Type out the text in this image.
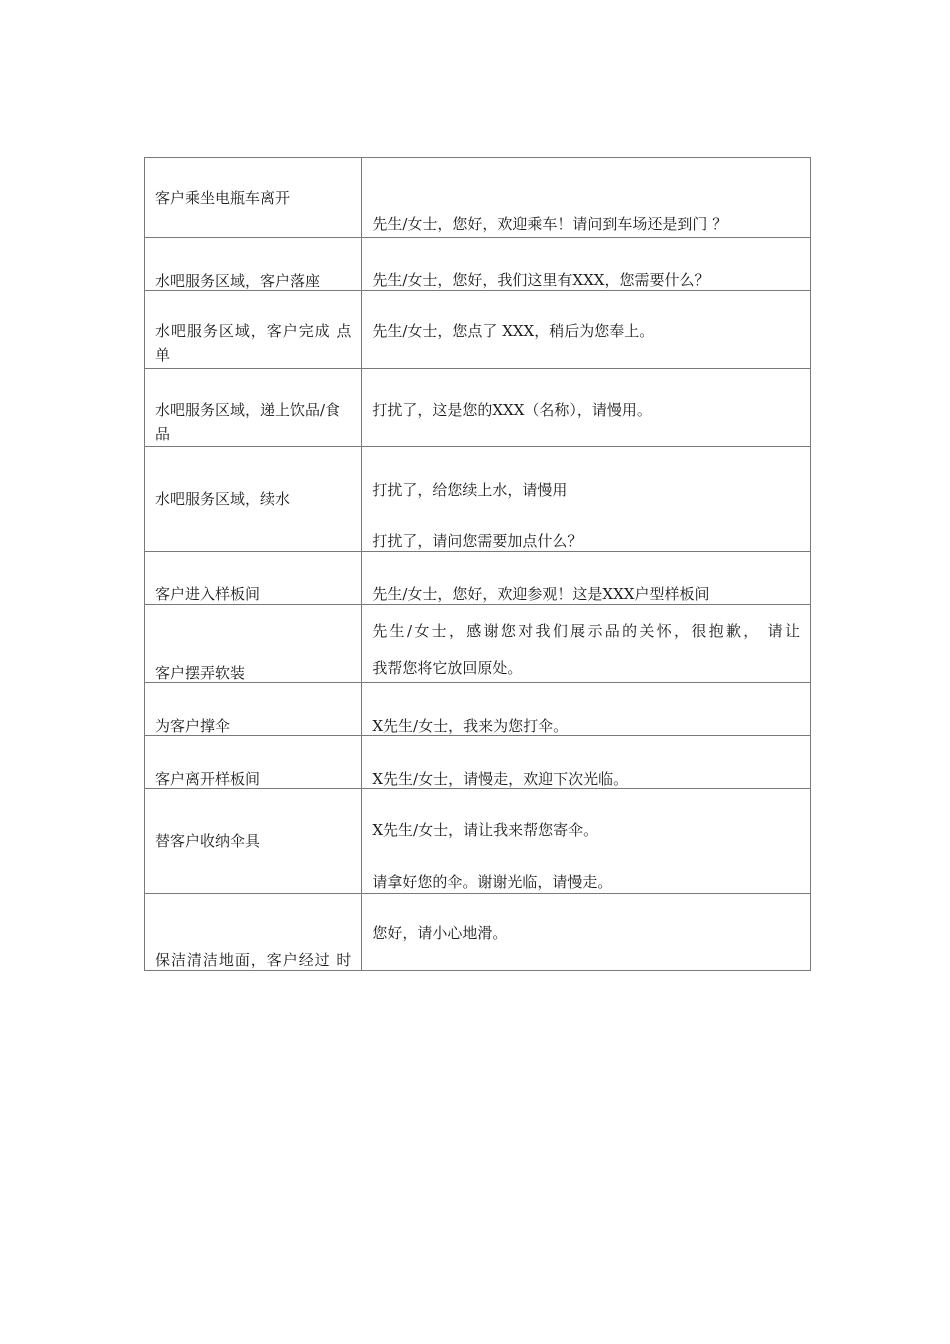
客户乘坐电瓶车离开	先生/女士，您好，欢迎乘车！请问到车场还是到门 ？

水吧服务区域，客户落座	先生/女士，您好，我们这里有XXX，您需要什么？

水吧服务区域，客户完成 点单	先生/女士，您点了 XXX，稍后为您奉上。

水吧服务区域，递上饮品/食品	打扰了，这是您的XXX（名称），请慢用。

水吧服务区域，续水	打扰了，给您续上水，请慢用
打扰了，请问您需要加点什么？

客户进入样板间	先生/女士，您好，欢迎参观！这是XXX户型样板间

客户摆弄软装	先生/女士，感谢您对我们展示品的关怀，很抱歉， 请让
我帮您将它放回原处。

为客户撑伞	X先生/女士，我来为您打伞。

客户离开样板间	X先生/女士，请慢走，欢迎下次光临。

替客户收纳伞具	X先生/女士，请让我来帮您寄伞。
请拿好您的伞。谢谢光临，请慢走。

保洁清洁地面，客户经过 时	您好，请小心地滑。
